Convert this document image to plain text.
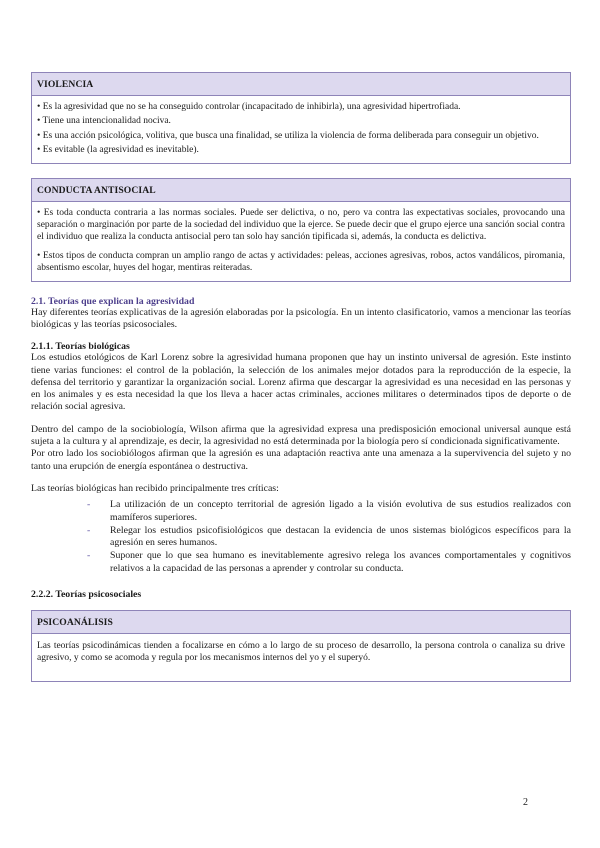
VIOLENCIA

• Es la agresividad que no se ha conseguido controlar (incapacitado de inhibirla), una agresividad hipertrofiada.

• Tiene una intencionalidad nociva.

• Es una acción psicológica, volitiva, que busca una finalidad, se utiliza la violencia de forma deliberada para conseguir un objetivo.

• Es evitable (la agresividad es inevitable).

CONDUCTA ANTISOCIAL

• Es toda conducta contraria a las normas sociales. Puede ser delictiva, o no, pero va contra las expectativas sociales, provocando una separación o marginación por parte de la sociedad del individuo que la ejerce. Se puede decir que el grupo ejerce una sanción social contra el individuo que realiza la conducta antisocial pero tan solo hay sanción tipificada si, además, la conducta es delictiva.

• Estos tipos de conducta compran un amplio rango de actas y actividades: peleas, acciones agresivas, robos, actos vandálicos, piromania, absentismo escolar, huyes del hogar, mentiras reiteradas.

2.1. Teorías que explican la agresividad

Hay diferentes teorías explicativas de la agresión elaboradas por la psicología. En un intento clasificatorio, vamos a mencionar las teorías biológicas y las teorías psicosociales.

2.1.1. Teorías biológicas

Los estudios etológicos de Karl Lorenz sobre la agresividad humana proponen que hay un instinto universal de agresión. Este instinto tiene varias funciones: el control de la población, la selección de los animales mejor dotados para la reproducción de la especie, la defensa del territorio y garantizar la organización social. Lorenz afirma que descargar la agresividad es una necesidad en las personas y en los animales y es esta necesidad la que los lleva a hacer actas criminales, acciones militares o determinados tipos de deporte o de relación social agresiva.

Dentro del campo de la sociobiología, Wilson afirma que la agresividad expresa una predisposición emocional universal aunque está sujeta a la cultura y al aprendizaje, es decir, la agresividad no está determinada por la biología pero sí condicionada significativamente.

Por otro lado los sociobiólogos afirman que la agresión es una adaptación reactiva ante una amenaza a la supervivencia del sujeto y no tanto una erupción de energía espontánea o destructiva.

Las teorías biológicas han recibido principalmente tres críticas:

- La utilización de un concepto territorial de agresión ligado a la visión evolutiva de sus estudios realizados con mamíferos superiores.
- Relegar los estudios psicofisiológicos que destacan la evidencia de unos sistemas biológicos específicos para la agresión en seres humanos.
- Suponer que lo que sea humano es inevitablemente agresivo relega los avances comportamentales y cognitivos relativos a la capacidad de las personas a aprender y controlar su conducta.
2.2.2. Teorías psicosociales
PSICOANÁLISIS

Las teorías psicodinámicas tienden a focalizarse en cómo a lo largo de su proceso de desarrollo, la persona controla o canaliza su drive agresivo, y como se acomoda y regula por los mecanismos internos del yo y el superyó.

2
